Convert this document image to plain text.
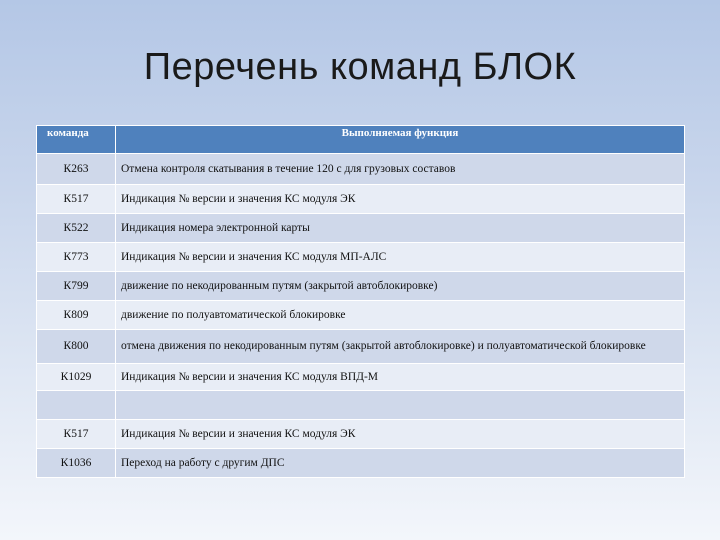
Перечень команд БЛОК
команда	Выполняемая функция
К263	Отмена контроля скатывания в течение 120 с для грузовых составов
К517	Индикация № версии и значения КС модуля ЭК
К522	Индикация номера электронной карты
К773	Индикация № версии и значения КС модуля МП-АЛС
К799	движение по некодированным путям (закрытой автоблокировке)
К809	движение по полуавтоматической блокировке
К800	отмена движения по некодированным путям (закрытой автоблокировке) и полуавтоматической блокировке
К1029	Индикация № версии и значения КС модуля ВПД-М

К517	Индикация № версии и значения КС модуля ЭК
К1036	Переход на работу с другим ДПС
